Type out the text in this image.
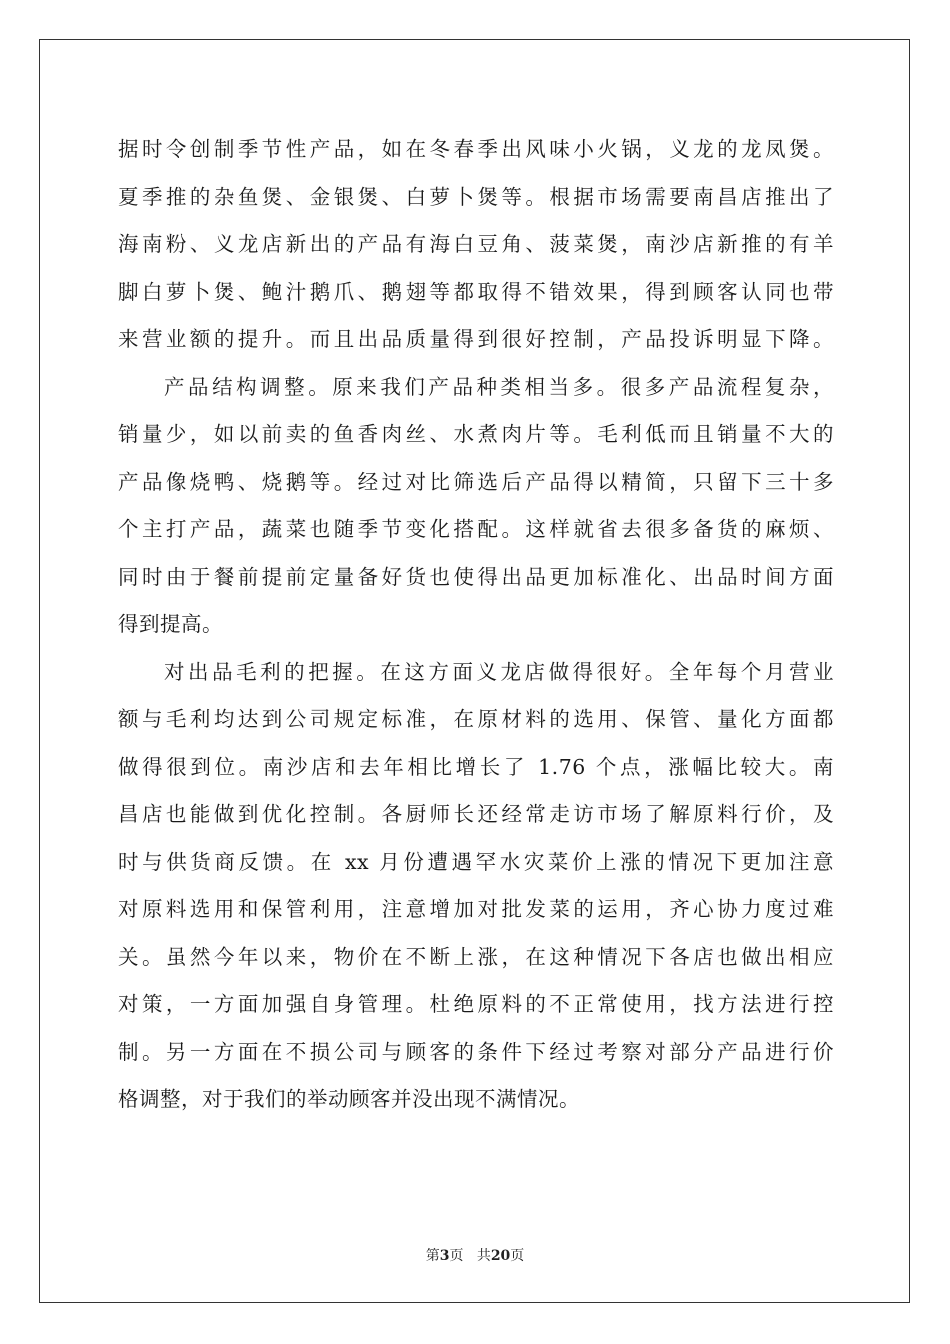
据时令创制季节性产品，如在冬春季出风味小火锅，义龙的龙凤煲。
夏季推的杂鱼煲、金银煲、白萝卜煲等。根据市场需要南昌店推出了
海南粉、义龙店新出的产品有海白豆角、菠菜煲，南沙店新推的有羊
脚白萝卜煲、鲍汁鹅爪、鹅翅等都取得不错效果，得到顾客认同也带
来营业额的提升。而且出品质量得到很好控制，产品投诉明显下降。
产品结构调整。原来我们产品种类相当多。很多产品流程复杂，
销量少，如以前卖的鱼香肉丝、水煮肉片等。毛利低而且销量不大的
产品像烧鸭、烧鹅等。经过对比筛选后产品得以精简，只留下三十多
个主打产品，蔬菜也随季节变化搭配。这样就省去很多备货的麻烦、
同时由于餐前提前定量备好货也使得出品更加标准化、出品时间方面
得到提高。
对出品毛利的把握。在这方面义龙店做得很好。全年每个月营业
额与毛利均达到公司规定标准，在原材料的选用、保管、量化方面都
做得很到位。南沙店和去年相比增长了 1.76 个点，涨幅比较大。南
昌店也能做到优化控制。各厨师长还经常走访市场了解原料行价，及
时与供货商反馈。在 xx 月份遭遇罕水灾菜价上涨的情况下更加注意
对原料选用和保管利用，注意增加对批发菜的运用，齐心协力度过难
关。虽然今年以来，物价在不断上涨，在这种情况下各店也做出相应
对策，一方面加强自身管理。杜绝原料的不正常使用，找方法进行控
制。另一方面在不损公司与顾客的条件下经过考察对部分产品进行价
格调整，对于我们的举动顾客并没出现不满情况。
第3页 共20页
